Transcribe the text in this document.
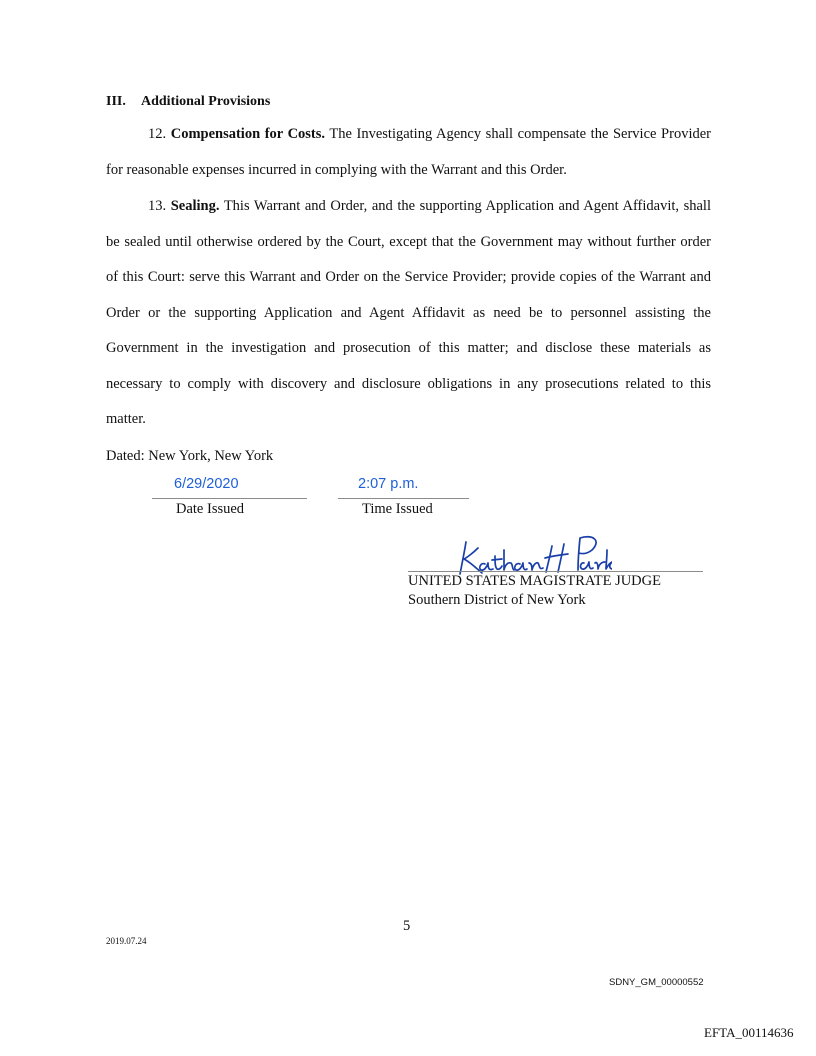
III. Additional Provisions
12. Compensation for Costs. The Investigating Agency shall compensate the Service Provider for reasonable expenses incurred in complying with the Warrant and this Order.
13. Sealing. This Warrant and Order, and the supporting Application and Agent Affidavit, shall be sealed until otherwise ordered by the Court, except that the Government may without further order of this Court: serve this Warrant and Order on the Service Provider; provide copies of the Warrant and Order or the supporting Application and Agent Affidavit as need be to personnel assisting the Government in the investigation and prosecution of this matter; and disclose these materials as necessary to comply with discovery and disclosure obligations in any prosecutions related to this matter.
Dated: New York, New York
6/29/2020	2:07 p.m.
Date Issued	Time Issued
UNITED STATES MAGISTRATE JUDGE
Southern District of New York
5
2019.07.24
SDNY_GM_00000552
EFTA_00114636
